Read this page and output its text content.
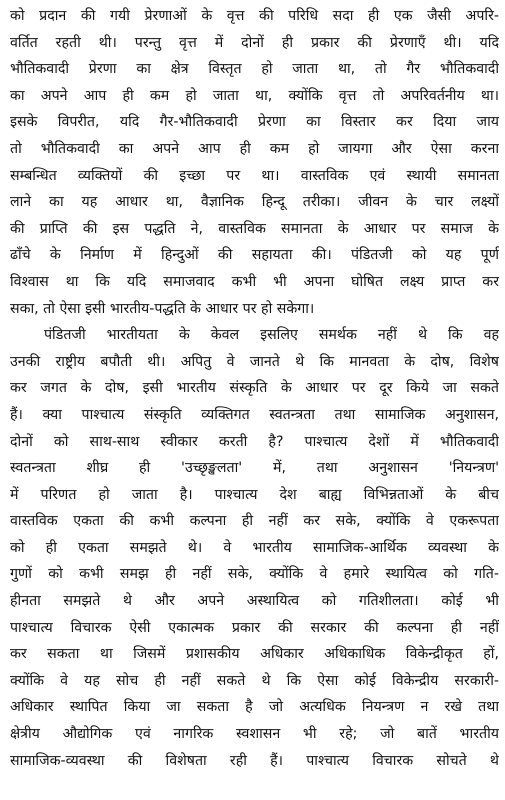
को प्रदान की गयी प्रेरणाओं के वृत्त की परिधि सदा ही एक जैसी अपरि-
वर्तित रहती थी। परन्तु वृत्त में दोनों ही प्रकार की प्रेरणाएँ थी। यदि
भौतिकवादी प्रेरणा का क्षेत्र विस्तृत हो जाता था, तो गैर भौतिकवादी
का अपने आप ही कम हो जाता था, क्योंकि वृत्त तो अपरिवर्तनीय था।
इसके विपरीत, यदि गैर-भौतिकवादी प्रेरणा का विस्तार कर दिया जाय
तो भौतिकवादी का अपने आप ही कम हो जायगा और ऐसा करना
सम्बन्धित व्यक्तियों की इच्छा पर था। वास्तविक एवं स्थायी समानता
लाने का यह आधार था, वैज्ञानिक हिन्दू तरीका। जीवन के चार लक्ष्यों
की प्राप्ति की इस पद्धति ने, वास्तविक समानता के आधार पर समाज के
ढाँचे के निर्माण में हिन्दुओं की सहायता की। पंडितजी को यह पूर्ण
विश्वास था कि यदि समाजवाद कभी भी अपना घोषित लक्ष्य प्राप्त कर
सका, तो ऐसा इसी भारतीय-पद्धति के आधार पर हो सकेगा।
पंडितजी भारतीयता के केवल इसलिए समर्थक नहीं थे कि वह
उनकी राष्ट्रीय बपौती थी। अपितु वे जानते थे कि मानवता के दोष, विशेष
कर जगत के दोष, इसी भारतीय संस्कृति के आधार पर दूर किये जा सकते
हैं। क्या पाश्चात्य संस्कृति व्यक्तिगत स्वतन्त्रता तथा सामाजिक अनुशासन,
दोनों को साथ-साथ स्वीकार करती है? पाश्चात्य देशों में भौतिकवादी
स्वतन्त्रता शीघ्र ही 'उच्छृङ्खलता' में, तथा अनुशासन 'नियन्त्रण'
में परिणत हो जाता है। पाश्चात्य देश बाह्य विभिन्नताओं के बीच
वास्तविक एकता की कभी कल्पना ही नहीं कर सके, क्योंकि वे एकरूपता
को ही एकता समझते थे। वे भारतीय सामाजिक-आर्थिक व्यवस्था के
गुणों को कभी समझ ही नहीं सके, क्योंकि वे हमारे स्थायित्व को गति-
हीनता समझते थे और अपने अस्थायित्व को गतिशीलता। कोई भी
पाश्चात्य विचारक ऐसी एकात्मक प्रकार की सरकार की कल्पना ही नहीं
कर सकता था जिसमें प्रशासकीय अधिकार अधिकाधिक विकेन्द्रीकृत हों,
क्योंकि वे यह सोच ही नहीं सकते थे कि ऐसा कोई विकेन्द्रीय सरकारी-
अधिकार स्थापित किया जा सकता है जो अत्यधिक नियन्त्रण न रखे तथा
क्षेत्रीय औद्योगिक एवं नागरिक स्वशासन भी रहे; जो बातें भारतीय
सामाजिक-व्यवस्था की विशेषता रही हैं। पाश्चात्य विचारक सोचते थे
